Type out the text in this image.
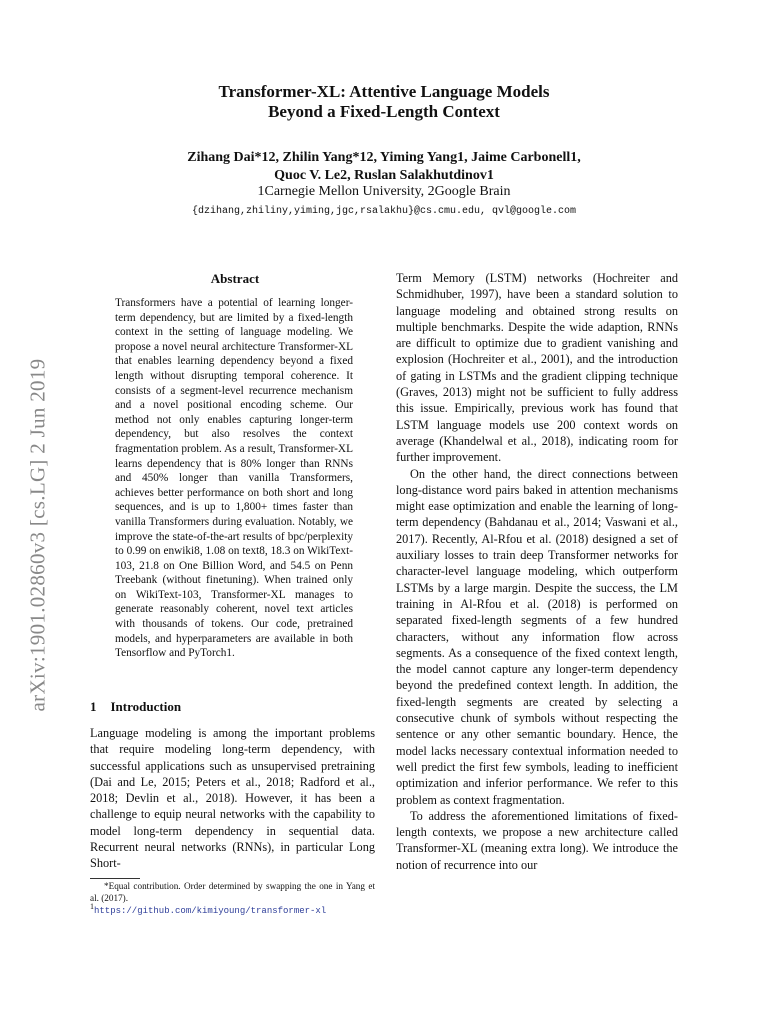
arXiv:1901.02860v3 [cs.LG] 2 Jun 2019
Transformer-XL: Attentive Language Models
Beyond a Fixed-Length Context
Zihang Dai*12, Zhilin Yang*12, Yiming Yang1, Jaime Carbonell1,
Quoc V. Le2, Ruslan Salakhutdinov1
1Carnegie Mellon University, 2Google Brain
{dzihang,zhiliny,yiming,jgc,rsalakhu}@cs.cmu.edu, qvl@google.com
Abstract
Transformers have a potential of learning longer-term dependency, but are limited by a fixed-length context in the setting of language modeling. We propose a novel neural architecture Transformer-XL that enables learning dependency beyond a fixed length without disrupting temporal coherence. It consists of a segment-level recurrence mechanism and a novel positional encoding scheme. Our method not only enables capturing longer-term dependency, but also resolves the context fragmentation problem. As a result, Transformer-XL learns dependency that is 80% longer than RNNs and 450% longer than vanilla Transformers, achieves better performance on both short and long sequences, and is up to 1,800+ times faster than vanilla Transformers during evaluation. Notably, we improve the state-of-the-art results of bpc/perplexity to 0.99 on enwiki8, 1.08 on text8, 18.3 on WikiText-103, 21.8 on One Billion Word, and 54.5 on Penn Treebank (without finetuning). When trained only on WikiText-103, Transformer-XL manages to generate reasonably coherent, novel text articles with thousands of tokens. Our code, pretrained models, and hyperparameters are available in both Tensorflow and PyTorch1.
1 Introduction
Language modeling is among the important problems that require modeling long-term dependency, with successful applications such as unsupervised pretraining (Dai and Le, 2015; Peters et al., 2018; Radford et al., 2018; Devlin et al., 2018). However, it has been a challenge to equip neural networks with the capability to model long-term dependency in sequential data. Recurrent neural networks (RNNs), in particular Long Short-

*Equal contribution. Order determined by swapping the one in Yang et al. (2017).

$^1$https://github.com/kimiyoung/transformer-xl

Term Memory (LSTM) networks (Hochreiter and Schmidhuber, 1997), have been a standard solution to language modeling and obtained strong results on multiple benchmarks. Despite the wide adaption, RNNs are difficult to optimize due to gradient vanishing and explosion (Hochreiter et al., 2001), and the introduction of gating in LSTMs and the gradient clipping technique (Graves, 2013) might not be sufficient to fully address this issue. Empirically, previous work has found that LSTM language models use 200 context words on average (Khandelwal et al., 2018), indicating room for further improvement.

On the other hand, the direct connections between long-distance word pairs baked in attention mechanisms might ease optimization and enable the learning of long-term dependency (Bahdanau et al., 2014; Vaswani et al., 2017). Recently, Al-Rfou et al. (2018) designed a set of auxiliary losses to train deep Transformer networks for character-level language modeling, which outperform LSTMs by a large margin. Despite the success, the LM training in Al-Rfou et al. (2018) is performed on separated fixed-length segments of a few hundred characters, without any information flow across segments. As a consequence of the fixed context length, the model cannot capture any longer-term dependency beyond the predefined context length. In addition, the fixed-length segments are created by selecting a consecutive chunk of symbols without respecting the sentence or any other semantic boundary. Hence, the model lacks necessary contextual information needed to well predict the first few symbols, leading to inefficient optimization and inferior performance. We refer to this problem as context fragmentation.

To address the aforementioned limitations of fixed-length contexts, we propose a new architecture called Transformer-XL (meaning extra long). We introduce the notion of recurrence into our
